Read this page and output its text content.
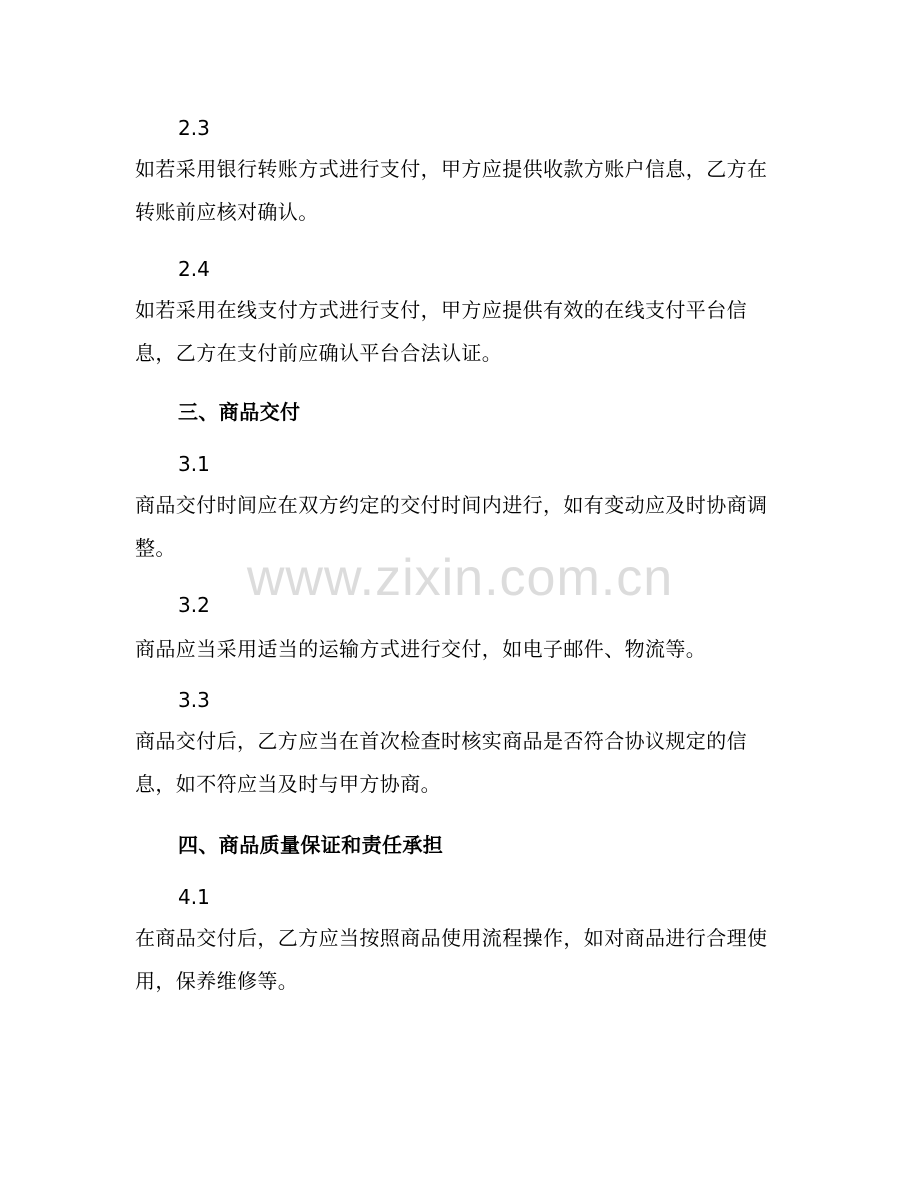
2.3
如若采用银行转账方式进行支付，甲方应提供收款方账户信息，乙方在转账前应核对确认。
2.4
如若采用在线支付方式进行支付，甲方应提供有效的在线支付平台信息，乙方在支付前应确认平台合法认证。
三、商品交付
3.1
商品交付时间应在双方约定的交付时间内进行，如有变动应及时协商调整。
3.2
商品应当采用适当的运输方式进行交付，如电子邮件、物流等。
3.3
商品交付后，乙方应当在首次检查时核实商品是否符合协议规定的信息，如不符应当及时与甲方协商。
四、商品质量保证和责任承担
4.1
在商品交付后，乙方应当按照商品使用流程操作，如对商品进行合理使用，保养维修等。
www.zixin.com.cn
